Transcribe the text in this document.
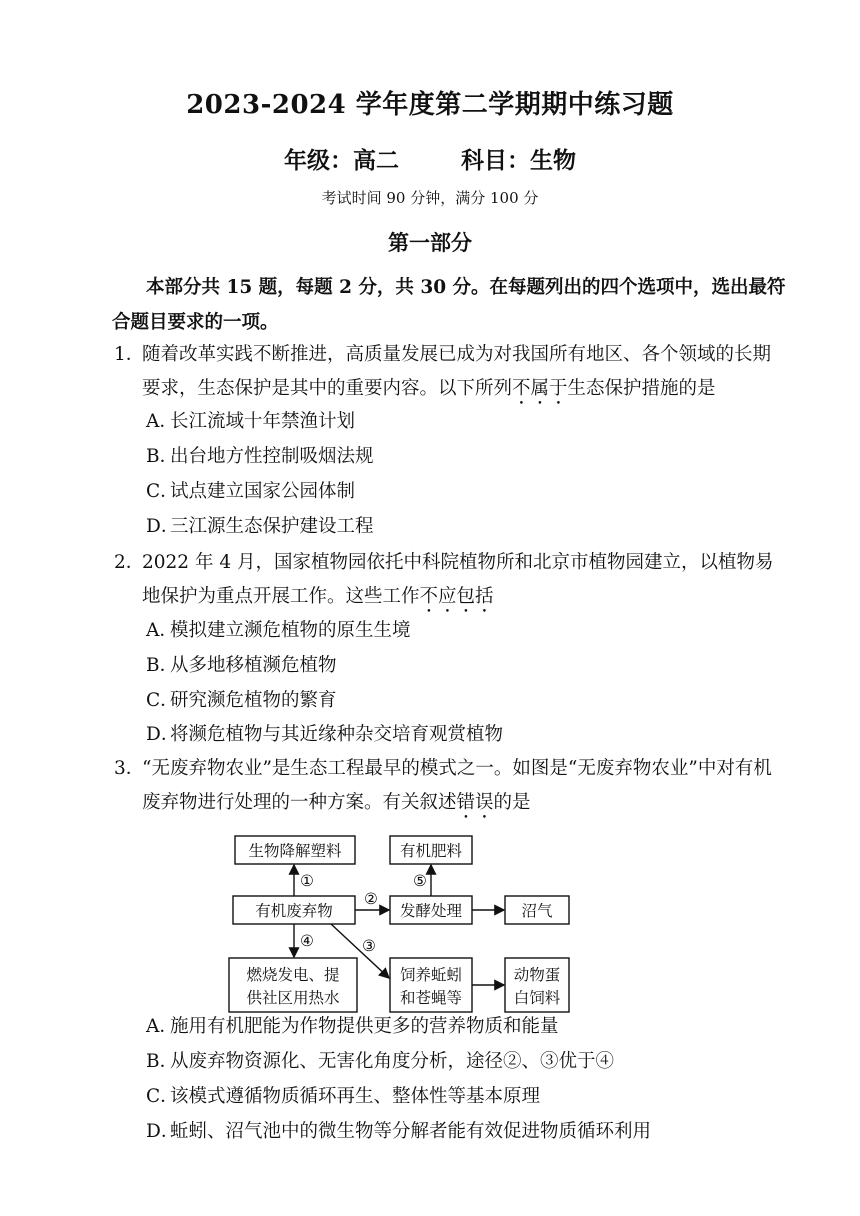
2023-2024 学年度第二学期期中练习题
年级：高二	科目：生物
考试时间 90 分钟，满分 100 分
第一部分
本部分共 15 题，每题 2 分，共 30 分。在每题列出的四个选项中，选出最符合题目要求的一项。
1．
随着改革实践不断推进，高质量发展已成为对我国所有地区、各个领域的长期
要求，生态保护是其中的重要内容。以下所列不属于生态保护措施的是
A．长江流域十年禁渔计划
B．出台地方性控制吸烟法规
C．试点建立国家公园体制
D．三江源生态保护建设工程
2．
2022 年 4 月，国家植物园依托中科院植物所和北京市植物园建立，以植物易
地保护为重点开展工作。这些工作不应包括
A．模拟建立濒危植物的原生生境
B．从多地移植濒危植物
C．研究濒危植物的繁育
D．将濒危植物与其近缘种杂交培育观赏植物
3．
“无废弃物农业”是生态工程最早的模式之一。如图是“无废弃物农业”中对有机
废弃物进行处理的一种方案。有关叙述错误的是
生物降解塑料	有机肥料
有机废弃物	发酵处理	沼气
燃烧发电、提
供社区用热水
饲养蚯蚓
和苍蝇等
动物蛋
白饲料
①
②
⑤
④	③
A．施用有机肥能为作物提供更多的营养物质和能量
B．从废弃物资源化、无害化角度分析，途径②、③优于④
C．该模式遵循物质循环再生、整体性等基本原理
D．蚯蚓、沼气池中的微生物等分解者能有效促进物质循环利用
